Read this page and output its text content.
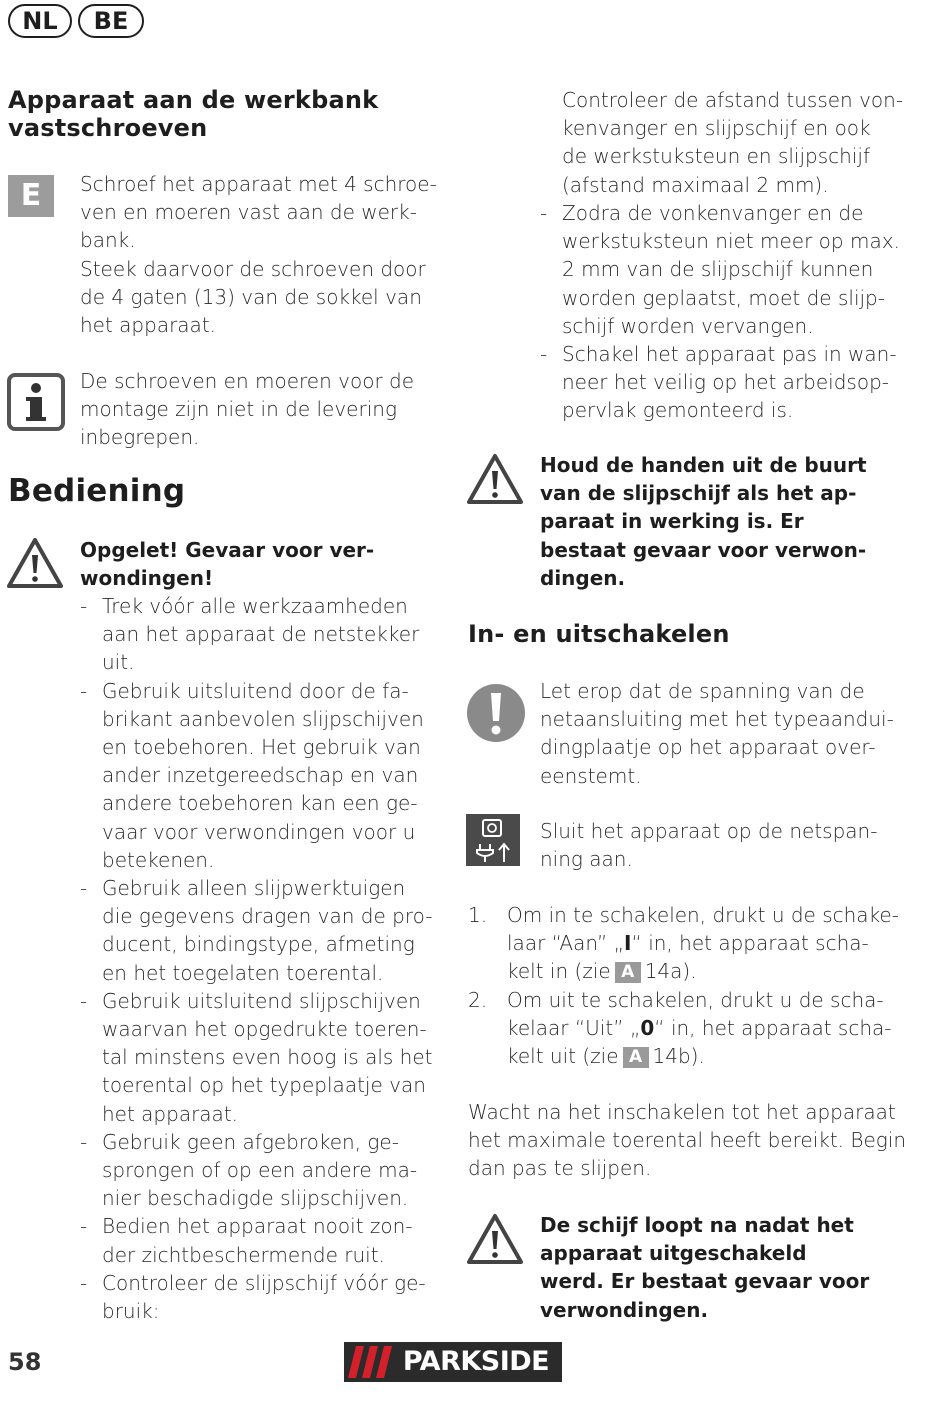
NL	BE
Apparaat aan de werkbank
vastschroeven
E	Schroef het apparaat met 4 schroe-
ven en moeren vast aan de werk-
bank.
Steek daarvoor de schroeven door
de 4 gaten (13) van de sokkel van
het apparaat.
De schroeven en moeren voor de
montage zijn niet in de levering
inbegrepen.
Bediening
Opgelet! Gevaar voor ver-
wondingen!
- Trek vóór alle werkzaamheden
aan het apparaat de netstekker
uit.
- Gebruik uitsluitend door de fa-
brikant aanbevolen slijpschijven
en toebehoren. Het gebruik van
ander inzetgereedschap en van
andere toebehoren kan een ge-
vaar voor verwondingen voor u
betekenen.
- Gebruik alleen slijpwerktuigen
die gegevens dragen van de pro-
ducent, bindingstype, afmeting
en het toegelaten toerental.
- Gebruik uitsluitend slijpschijven
waarvan het opgedrukte toeren-
tal minstens even hoog is als het
toerental op het typeplaatje van
het apparaat.
- Gebruik geen afgebroken, ge-
sprongen of op een andere ma-
nier beschadigde slijpschijven.
- Bedien het apparaat nooit zon-
der zichtbeschermende ruit.
- Controleer de slijpschijf vóór ge-
bruik:
Controleer de afstand tussen von-
kenvanger en slijpschijf en ook
de werkstuksteun en slijpschijf
(afstand maximaal 2 mm).
- Zodra de vonkenvanger en de
werkstuksteun niet meer op max.
2 mm van de slijpschijf kunnen
worden geplaatst, moet de slijp-
schijf worden vervangen.
- Schakel het apparaat pas in wan-
neer het veilig op het arbeidsop-
pervlak gemonteerd is.
Houd de handen uit de buurt
van de slijpschijf als het ap-
paraat in werking is. Er
bestaat gevaar voor verwon-
dingen.
In- en uitschakelen
Let erop dat de spanning van de
netaansluiting met het typeaandui-
dingplaatje op het apparaat over-
eenstemt.
Sluit het apparaat op de netspan-
ning aan.
1. Om in te schakelen, drukt u de schake-
laar “Aan” „I“ in, het apparaat scha-
kelt in (zie A 14a).
2. Om uit te schakelen, drukt u de scha-
kelaar “Uit” „0“ in, het apparaat scha-
kelt uit (zie A 14b).
Wacht na het inschakelen tot het apparaat
het maximale toerental heeft bereikt. Begin
dan pas te slijpen.
De schijf loopt na nadat het
apparaat uitgeschakeld
werd. Er bestaat gevaar voor
verwondingen.
58	PARKSIDE
